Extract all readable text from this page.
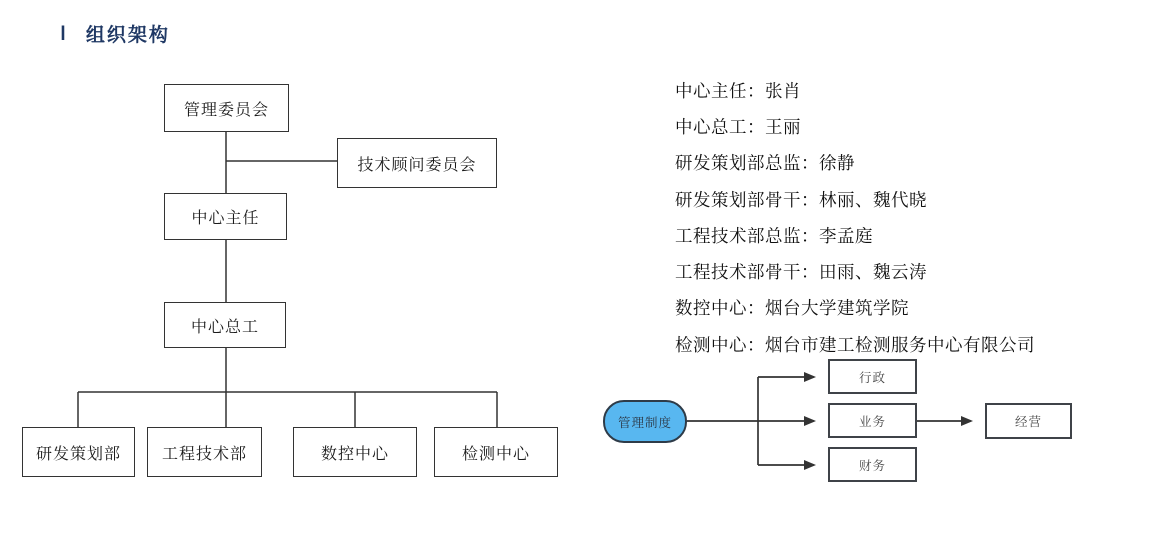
I 组织架构
管理委员会
技术顾问委员会
中心主任
中心总工
研发策划部	工程技术部	数控中心	检测中心
中心主任：张肖
中心总工：王丽
研发策划部总监：徐静
研发策划部骨干：林丽、魏代晓
工程技术部总监：李孟庭
工程技术部骨干：田雨、魏云涛
数控中心：烟台大学建筑学院
检测中心：烟台市建工检测服务中心有限公司
管理制度
行政
业务
财务
经营
